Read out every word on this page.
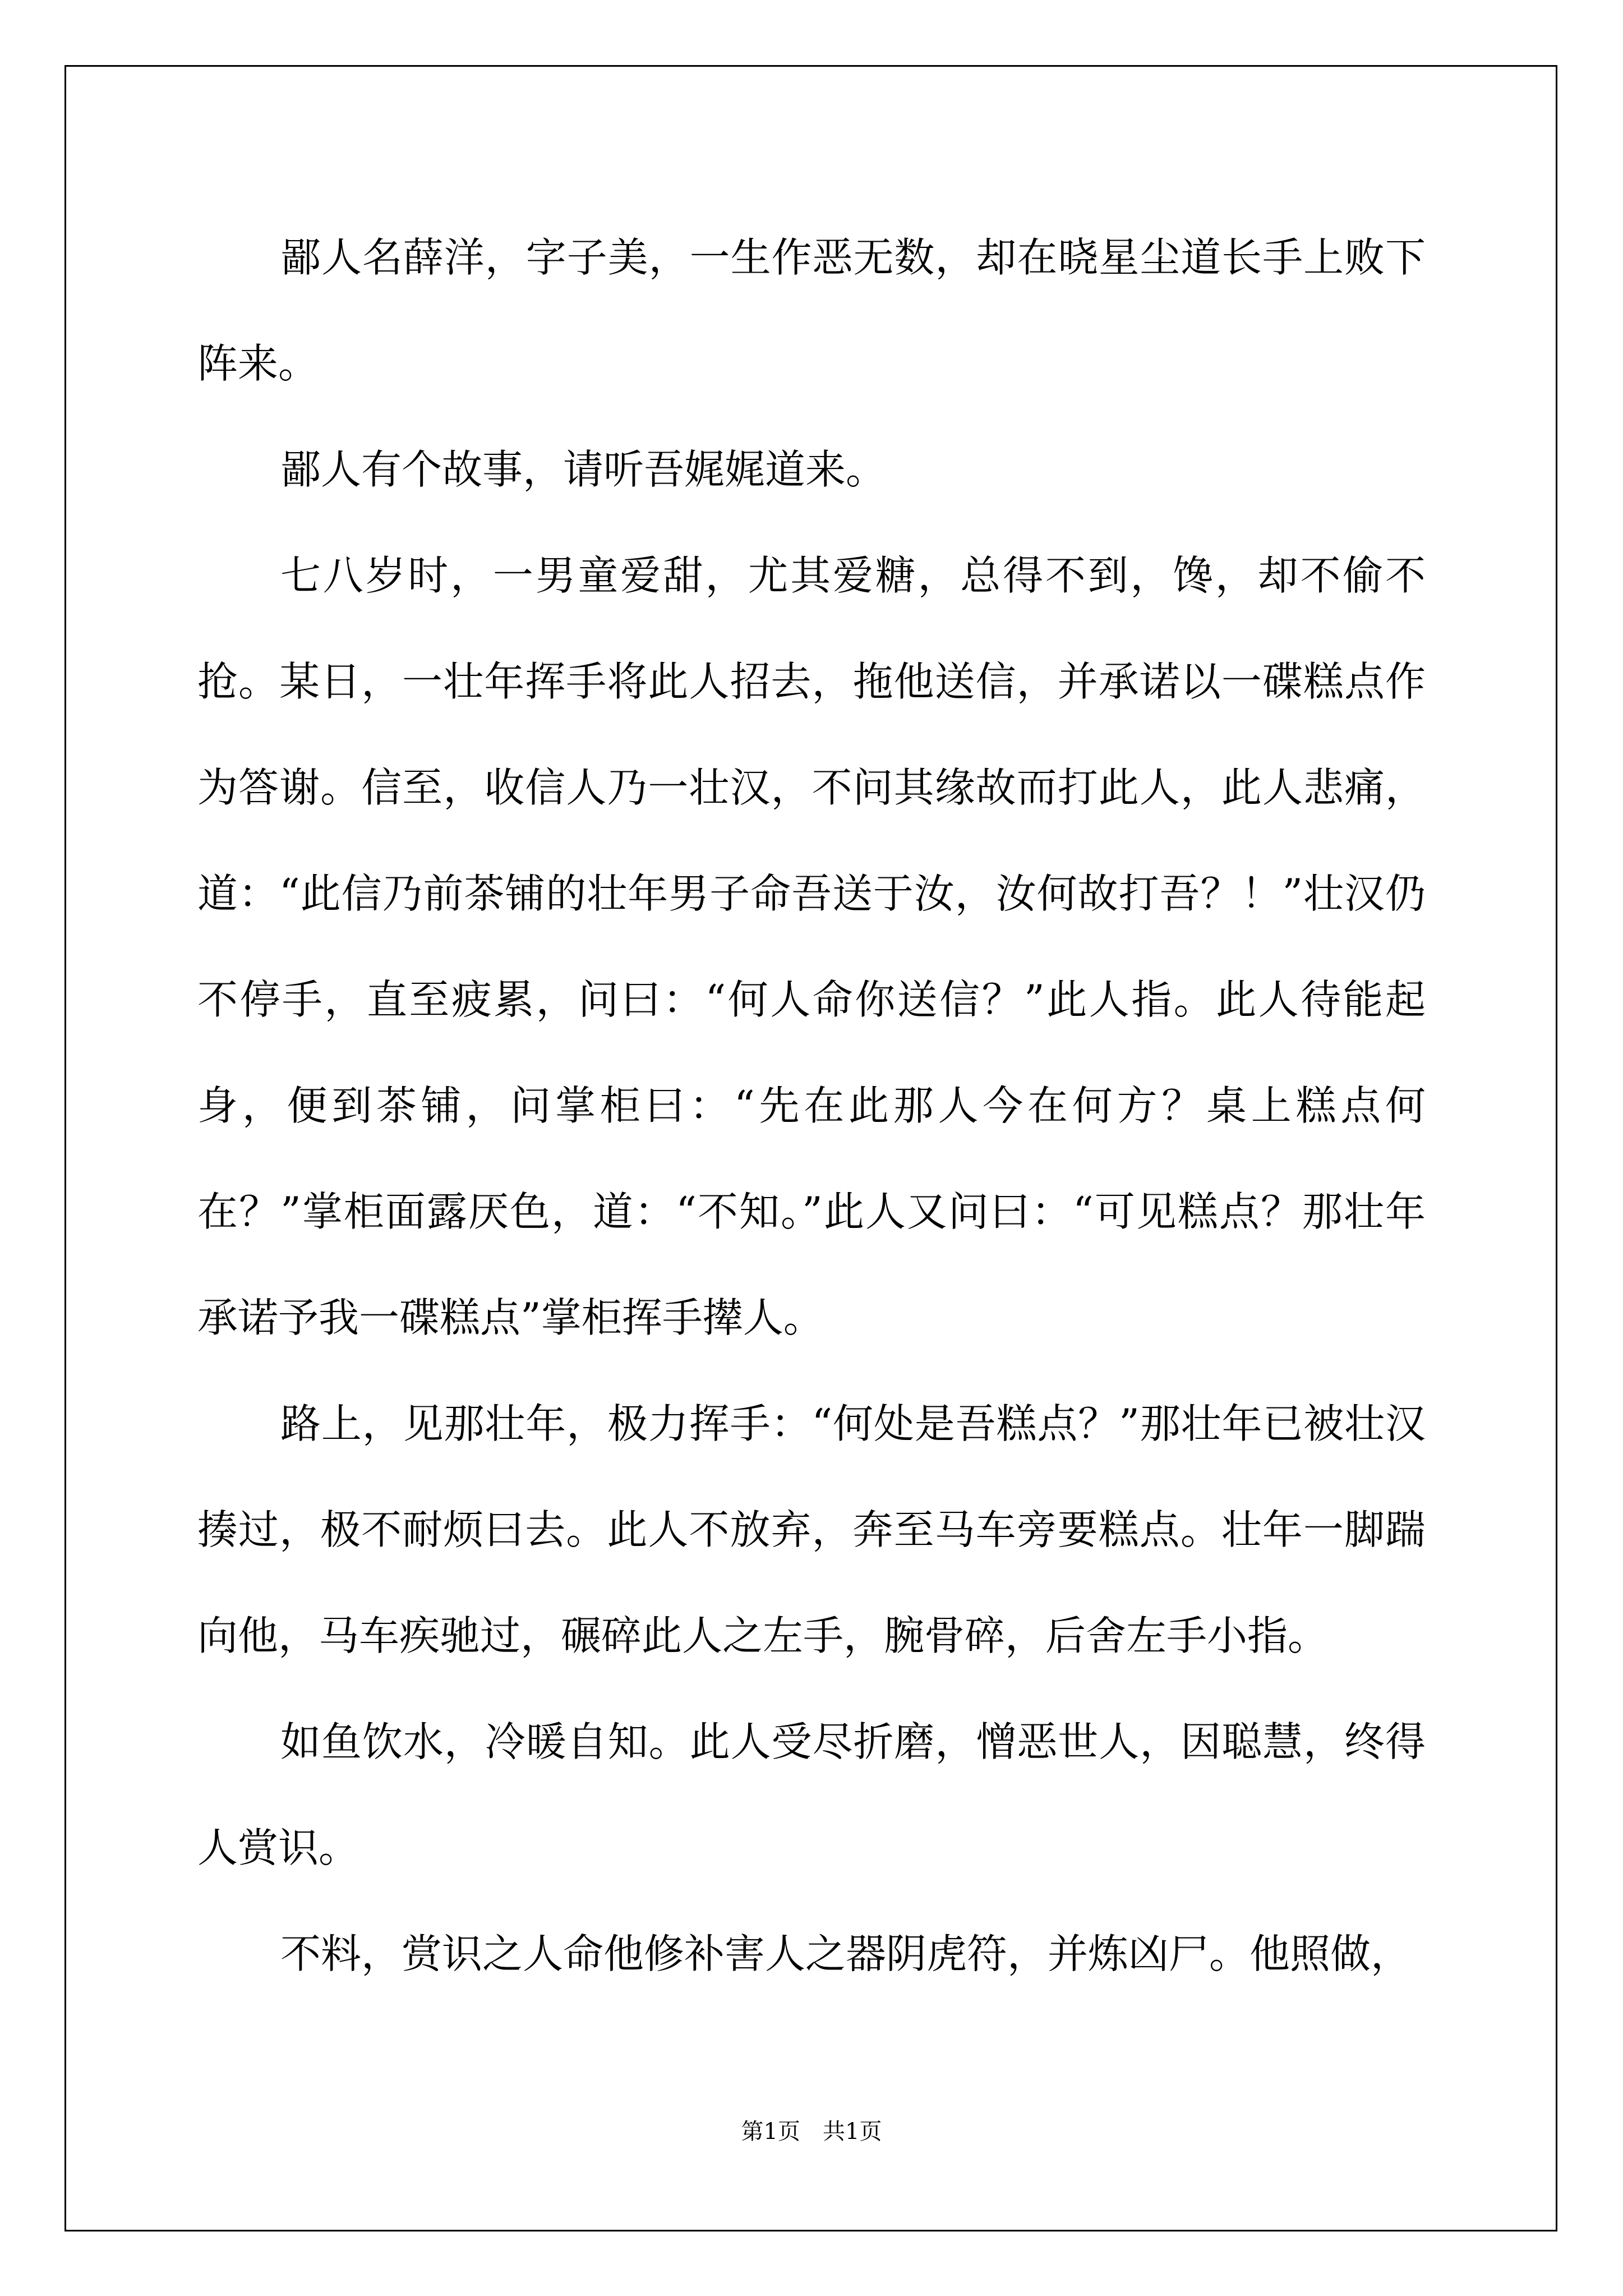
鄙人名薛洋，字子美，一生作恶无数，却在晓星尘道长手上败下阵来。

鄙人有个故事，请听吾娓娓道来。

七八岁时，一男童爱甜，尤其爱糖，总得不到，馋，却不偷不抢。某日，一壮年挥手将此人招去，拖他送信，并承诺以一碟糕点作为答谢。信至，收信人乃一壮汉，不问其缘故而打此人，此人悲痛，道：“此信乃前茶铺的壮年男子命吾送于汝，汝何故打吾？！”壮汉仍不停手，直至疲累，问曰：“何人命你送信？”此人指。此人待能起身，便到茶铺，问掌柜曰：“先在此那人今在何方？桌上糕点何在？”掌柜面露厌色，道：“不知。”此人又问曰：“可见糕点？那壮年承诺予我一碟糕点”掌柜挥手撵人。

路上，见那壮年，极力挥手：“何处是吾糕点？”那壮年已被壮汉揍过，极不耐烦曰去。此人不放弃，奔至马车旁要糕点。壮年一脚踹向他，马车疾驰过，碾碎此人之左手，腕骨碎，后舍左手小指。

如鱼饮水，冷暖自知。此人受尽折磨，憎恶世人，因聪慧，终得人赏识。

不料，赏识之人命他修补害人之器阴虎符，并炼凶尸。他照做，

第1页 共1页
